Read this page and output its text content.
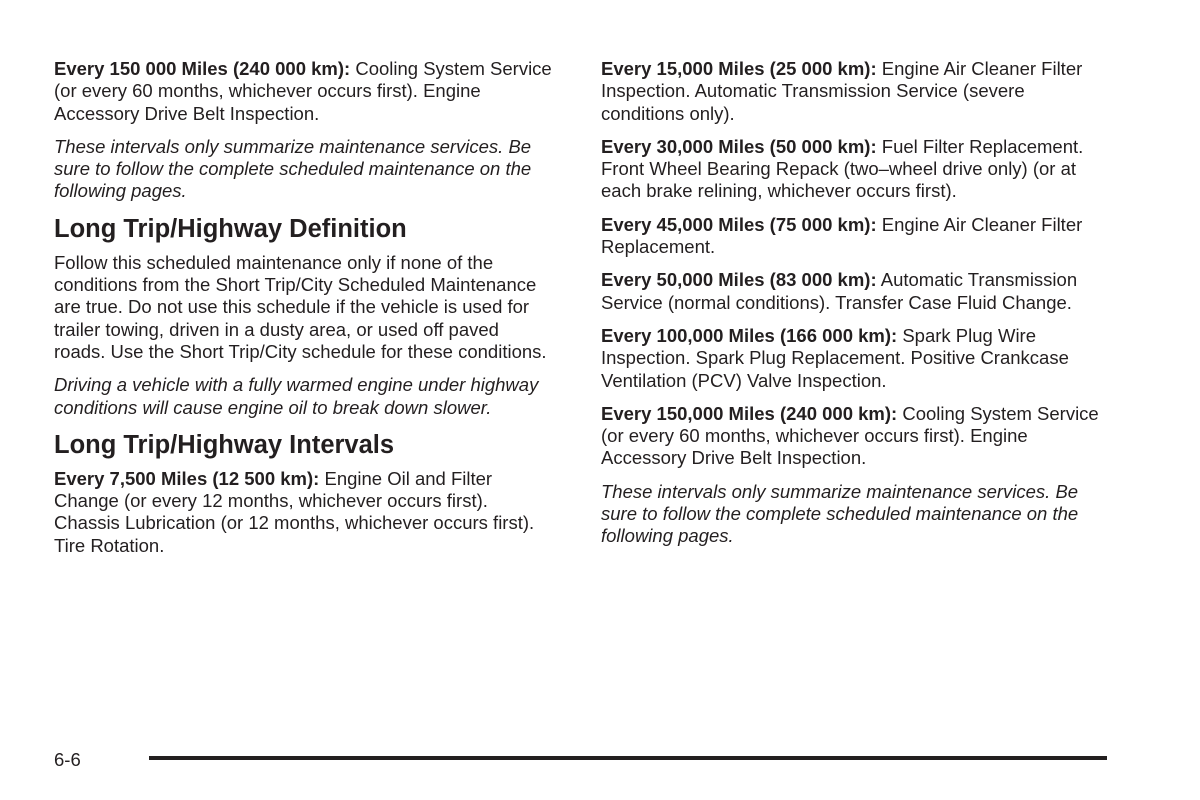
Every 150 000 Miles (240 000 km): Cooling System Service (or every 60 months, whichever occurs first). Engine Accessory Drive Belt Inspection.

These intervals only summarize maintenance services. Be sure to follow the complete scheduled maintenance on the following pages.

Long Trip/Highway Definition

Follow this scheduled maintenance only if none of the conditions from the Short Trip/City Scheduled Maintenance are true. Do not use this schedule if the vehicle is used for trailer towing, driven in a dusty area, or used off paved roads. Use the Short Trip/City schedule for these conditions.

Driving a vehicle with a fully warmed engine under highway conditions will cause engine oil to break down slower.

Long Trip/Highway Intervals

Every 7,500 Miles (12 500 km): Engine Oil and Filter Change (or every 12 months, whichever occurs first). Chassis Lubrication (or 12 months, whichever occurs first). Tire Rotation.

Every 15,000 Miles (25 000 km): Engine Air Cleaner Filter Inspection. Automatic Transmission Service (severe conditions only).

Every 30,000 Miles (50 000 km): Fuel Filter Replacement. Front Wheel Bearing Repack (two–wheel drive only) (or at each brake relining, whichever occurs first).

Every 45,000 Miles (75 000 km): Engine Air Cleaner Filter Replacement.

Every 50,000 Miles (83 000 km): Automatic Transmission Service (normal conditions). Transfer Case Fluid Change.

Every 100,000 Miles (166 000 km): Spark Plug Wire Inspection. Spark Plug Replacement. Positive Crankcase Ventilation (PCV) Valve Inspection.

Every 150,000 Miles (240 000 km): Cooling System Service (or every 60 months, whichever occurs first). Engine Accessory Drive Belt Inspection.

These intervals only summarize maintenance services. Be sure to follow the complete scheduled maintenance on the following pages.

6-6
